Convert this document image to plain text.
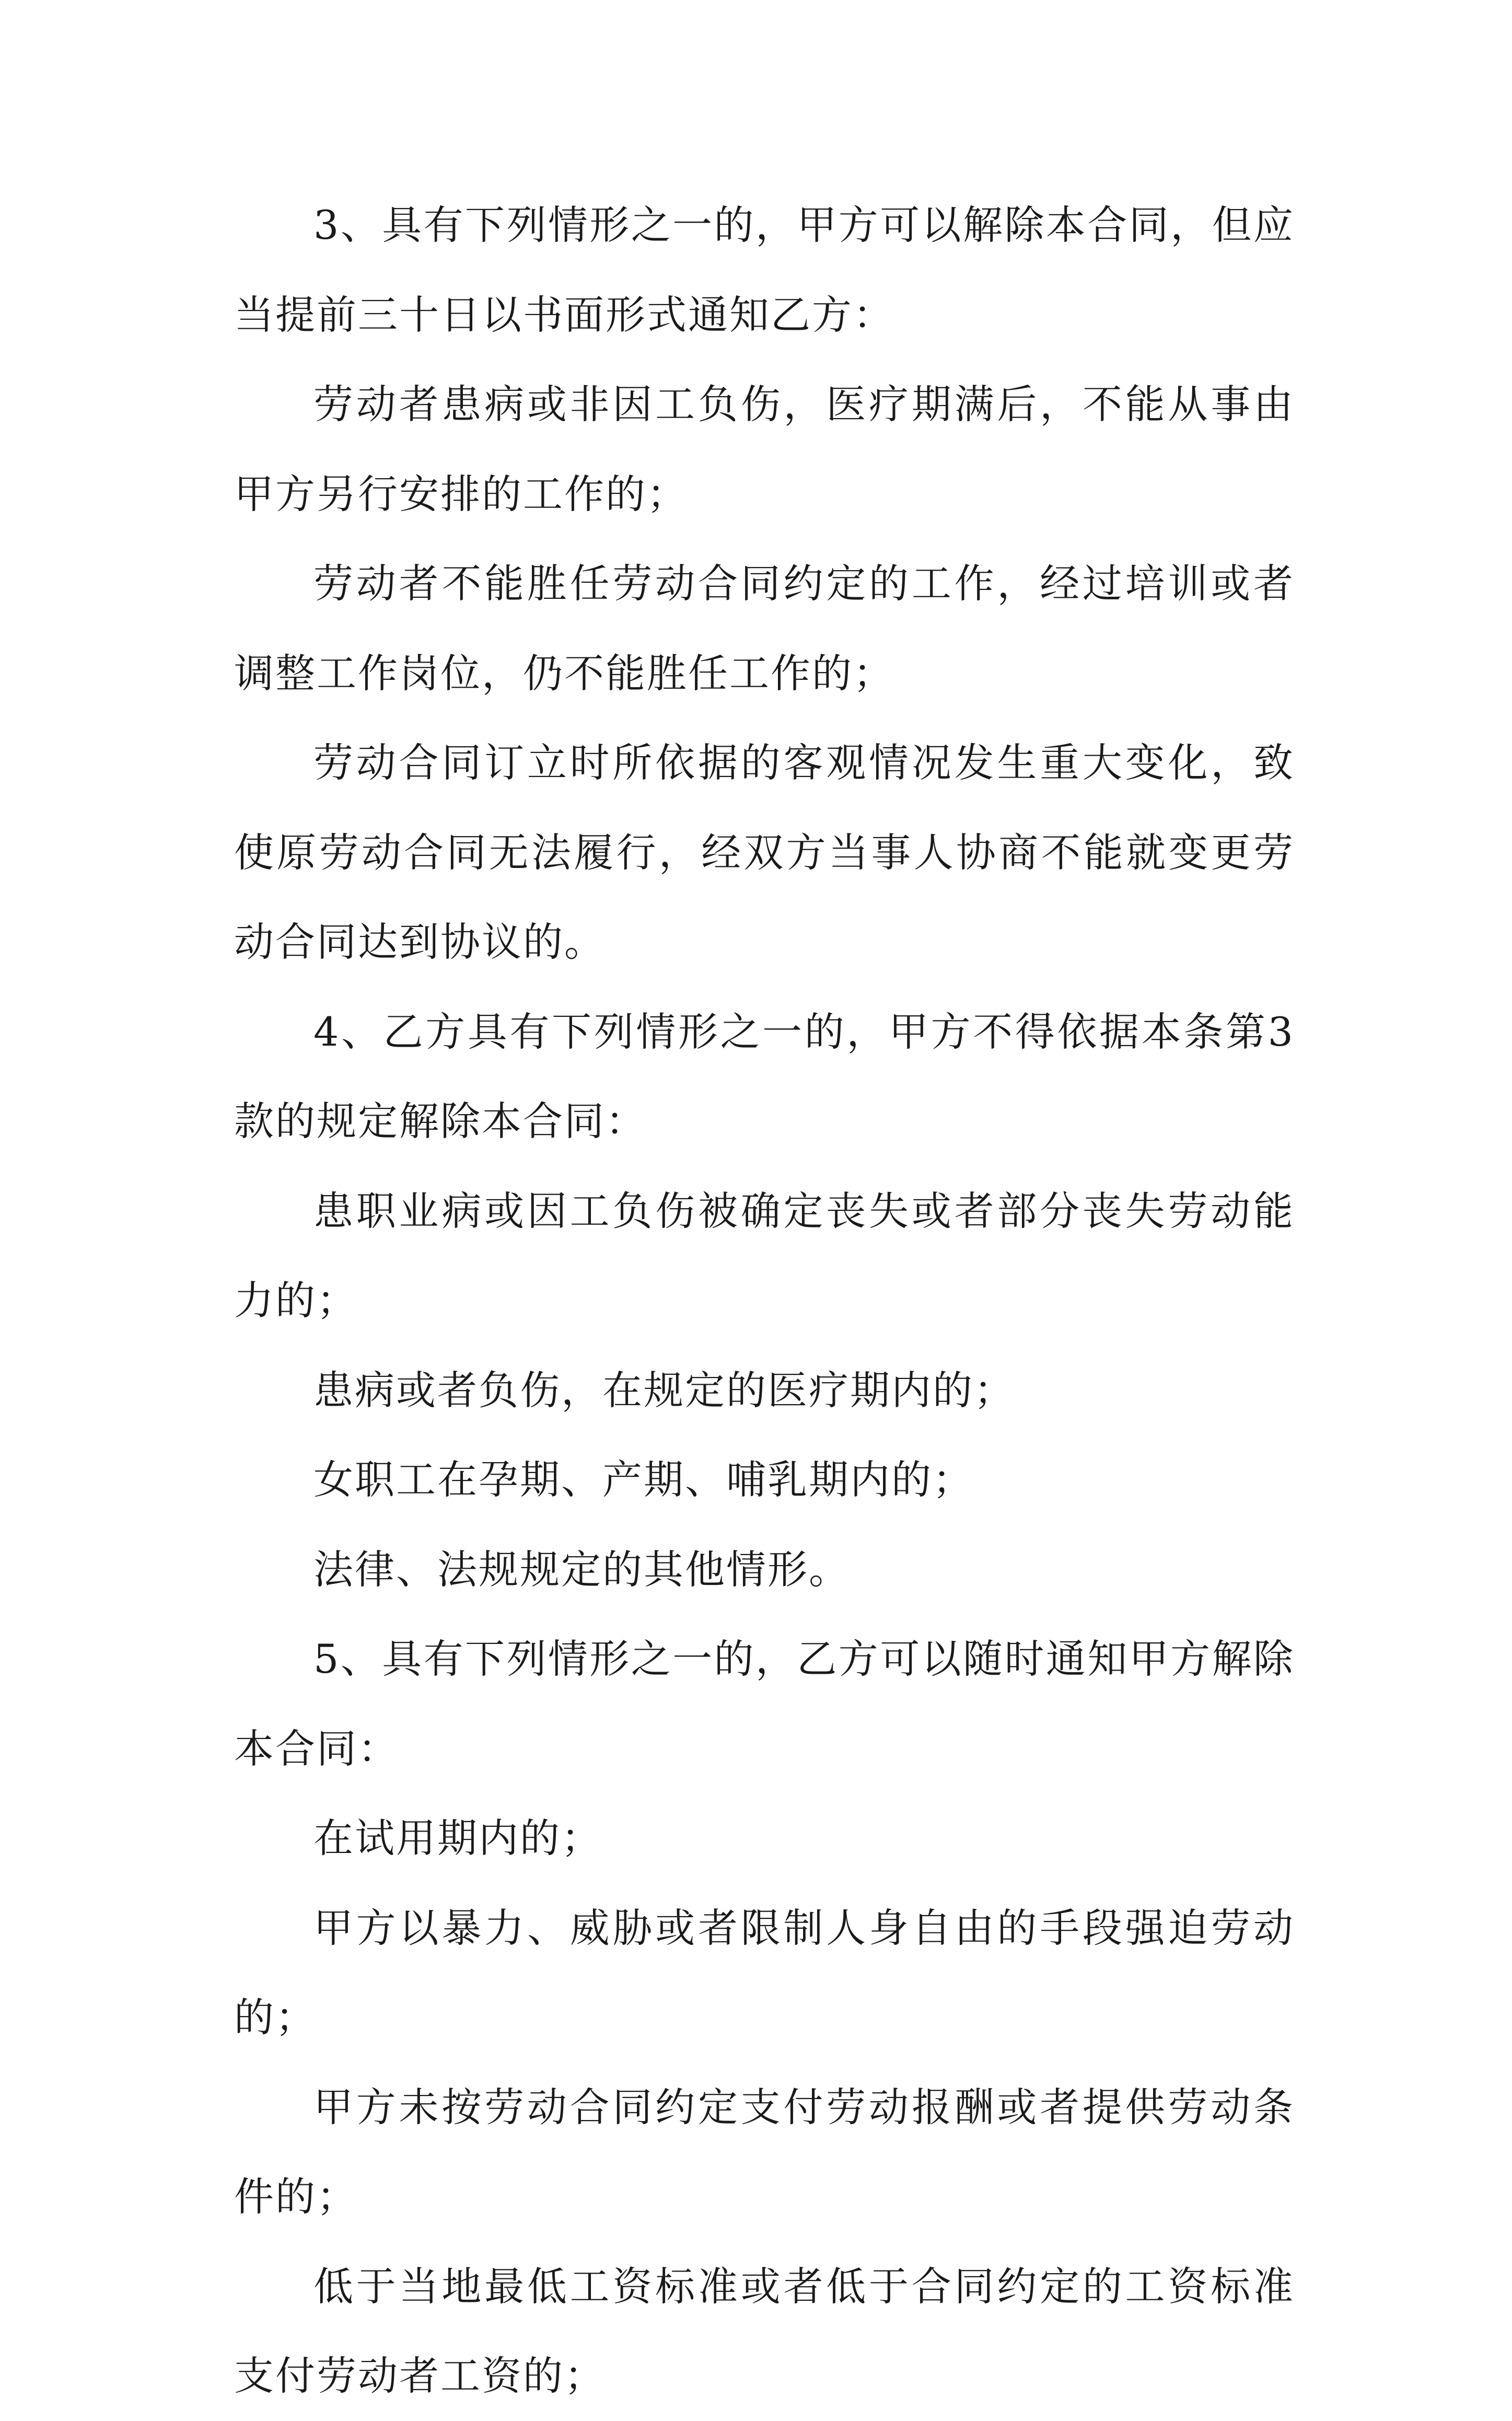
3、具有下列情形之一的，甲方可以解除本合同，但应当提前三十日以书面形式通知乙方：

劳动者患病或非因工负伤，医疗期满后，不能从事由甲方另行安排的工作的；

劳动者不能胜任劳动合同约定的工作，经过培训或者调整工作岗位，仍不能胜任工作的；

劳动合同订立时所依据的客观情况发生重大变化，致使原劳动合同无法履行，经双方当事人协商不能就变更劳动合同达到协议的。

4、乙方具有下列情形之一的，甲方不得依据本条第3款的规定解除本合同：

患职业病或因工负伤被确定丧失或者部分丧失劳动能力的；

患病或者负伤，在规定的医疗期内的；

女职工在孕期、产期、哺乳期内的；

法律、法规规定的其他情形。

5、具有下列情形之一的，乙方可以随时通知甲方解除本合同：

在试用期内的；

甲方以暴力、威胁或者限制人身自由的手段强迫劳动的；

甲方未按劳动合同约定支付劳动报酬或者提供劳动条件的；

低于当地最低工资标准或者低于合同约定的工资标准支付劳动者工资的；
